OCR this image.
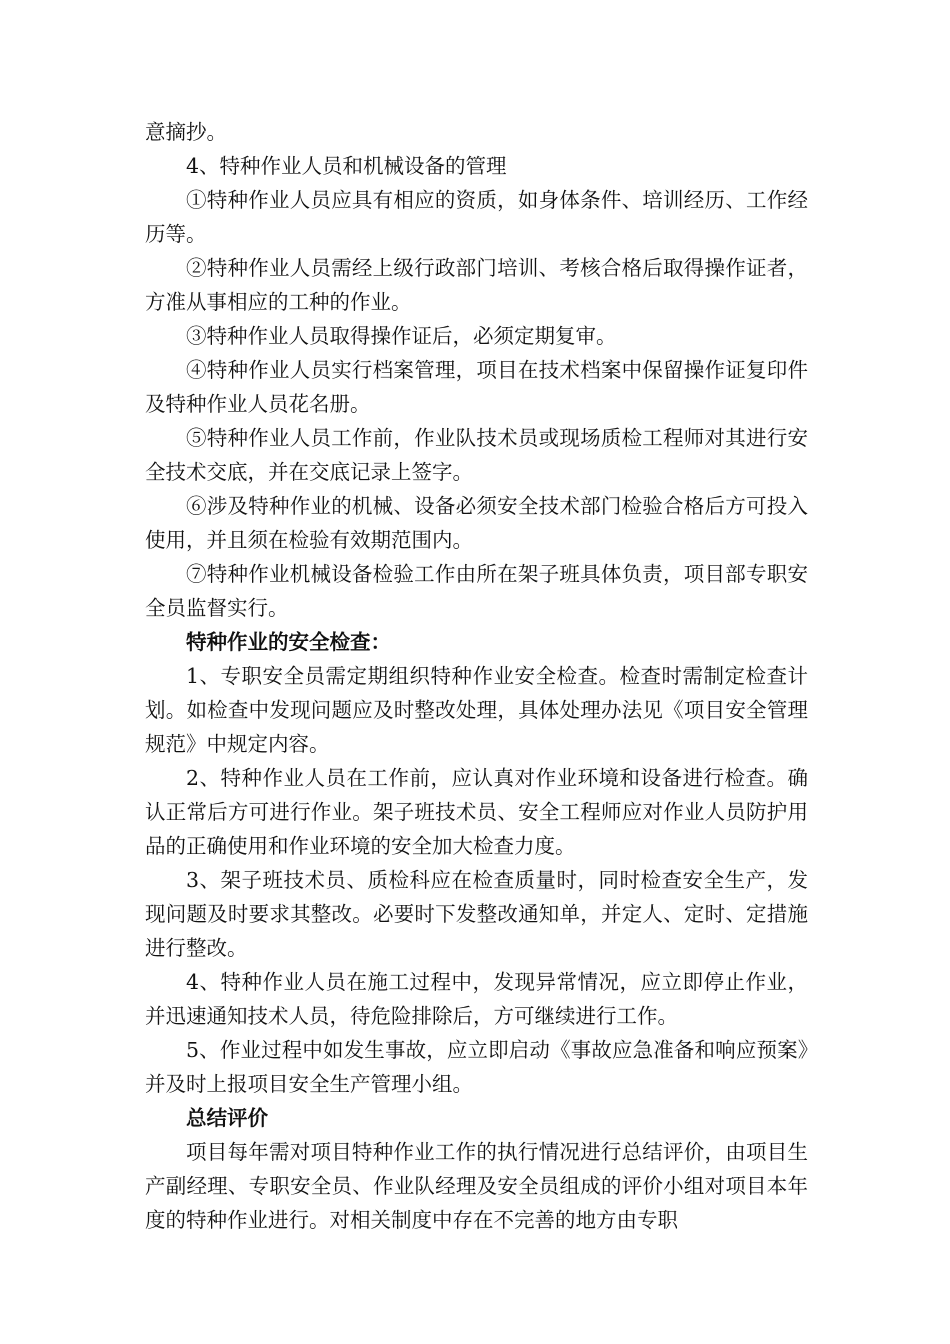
意摘抄。

4、特种作业人员和机械设备的管理

①特种作业人员应具有相应的资质，如身体条件、培训经历、工作经历等。

②特种作业人员需经上级行政部门培训、考核合格后取得操作证者，方准从事相应的工种的作业。

③特种作业人员取得操作证后，必须定期复审。

④特种作业人员实行档案管理，项目在技术档案中保留操作证复印件及特种作业人员花名册。

⑤特种作业人员工作前，作业队技术员或现场质检工程师对其进行安全技术交底，并在交底记录上签字。

⑥涉及特种作业的机械、设备必须安全技术部门检验合格后方可投入使用，并且须在检验有效期范围内。

⑦特种作业机械设备检验工作由所在架子班具体负责，项目部专职安全员监督实行。

特种作业的安全检查：

1、专职安全员需定期组织特种作业安全检查。检查时需制定检查计划。如检查中发现问题应及时整改处理，具体处理办法见《项目安全管理规范》中规定内容。

2、特种作业人员在工作前，应认真对作业环境和设备进行检查。确认正常后方可进行作业。架子班技术员、安全工程师应对作业人员防护用品的正确使用和作业环境的安全加大检查力度。

3、架子班技术员、质检科应在检查质量时，同时检查安全生产，发现问题及时要求其整改。必要时下发整改通知单，并定人、定时、定措施进行整改。

4、特种作业人员在施工过程中，发现异常情况，应立即停止作业，并迅速通知技术人员，待危险排除后，方可继续进行工作。

5、作业过程中如发生事故，应立即启动《事故应急准备和响应预案》并及时上报项目安全生产管理小组。

总结评价

项目每年需对项目特种作业工作的执行情况进行总结评价，由项目生产副经理、专职安全员、作业队经理及安全员组成的评价小组对项目本年度的特种作业进行。对相关制度中存在不完善的地方由专职
